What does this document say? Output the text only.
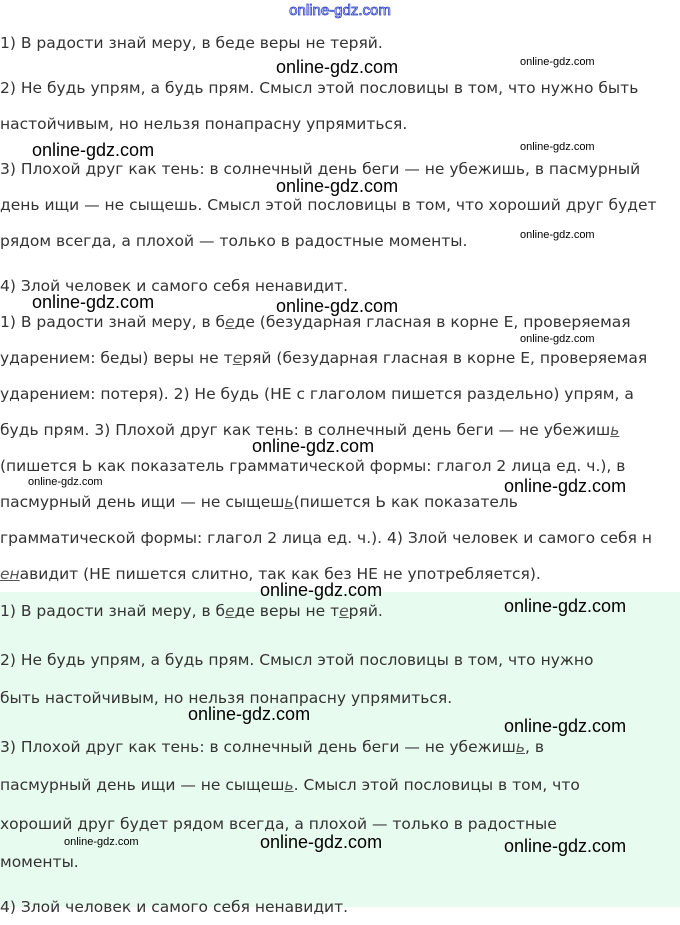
online-gdz.com

1) В радости знай меру, в беде веры не теряй.

2) Не будь упрям, а будь прям. Смысл этой пословицы в том, что нужно быть

настойчивым, но нельзя понапрасну упрямиться.

3) Плохой друг как тень: в солнечный день беги — не убежишь, в пасмурный

день ищи — не сыщешь. Смысл этой пословицы в том, что хороший друг будет

рядом всегда, а плохой — только в радостные моменты.

4) Злой человек и самого себя ненавидит.

1) В радости знай меру, в беде (безударная гласная в корне Е, проверяемая

ударением: беды) веры не теряй (безударная гласная в корне Е, проверяемая

ударением: потеря). 2) Не будь (НЕ с глаголом пишется раздельно) упрям, а

будь прям. 3) Плохой друг как тень: в солнечный день беги — не убежишь

(пишется Ь как показатель грамматической формы: глагол 2 лица ед. ч.), в

пасмурный день ищи — не сыщешь(пишется Ь как показатель

грамматической формы: глагол 2 лица ед. ч.). 4) Злой человек и самого себя н

енавидит (НЕ пишется слитно, так как без НЕ не употребляется).

1) В радости знай меру, в беде веры не теряй.

2) Не будь упрям, а будь прям. Смысл этой пословицы в том, что нужно

быть настойчивым, но нельзя понапрасну упрямиться.

3) Плохой друг как тень: в солнечный день беги — не убежишь, в

пасмурный день ищи — не сыщешь. Смысл этой пословицы в том, что

хороший друг будет рядом всегда, а плохой — только в радостные

моменты.

4) Злой человек и самого себя ненавидит.

online-gdz.com	online-gdz.com
online-gdz.com	online-gdz.com
online-gdz.com
online-gdz.com
online-gdz.com	online-gdz.com
online-gdz.com
online-gdz.com
online-gdz.com	online-gdz.com
online-gdz.com
online-gdz.com
online-gdz.com
online-gdz.com
online-gdz.com	online-gdz.com	online-gdz.com
